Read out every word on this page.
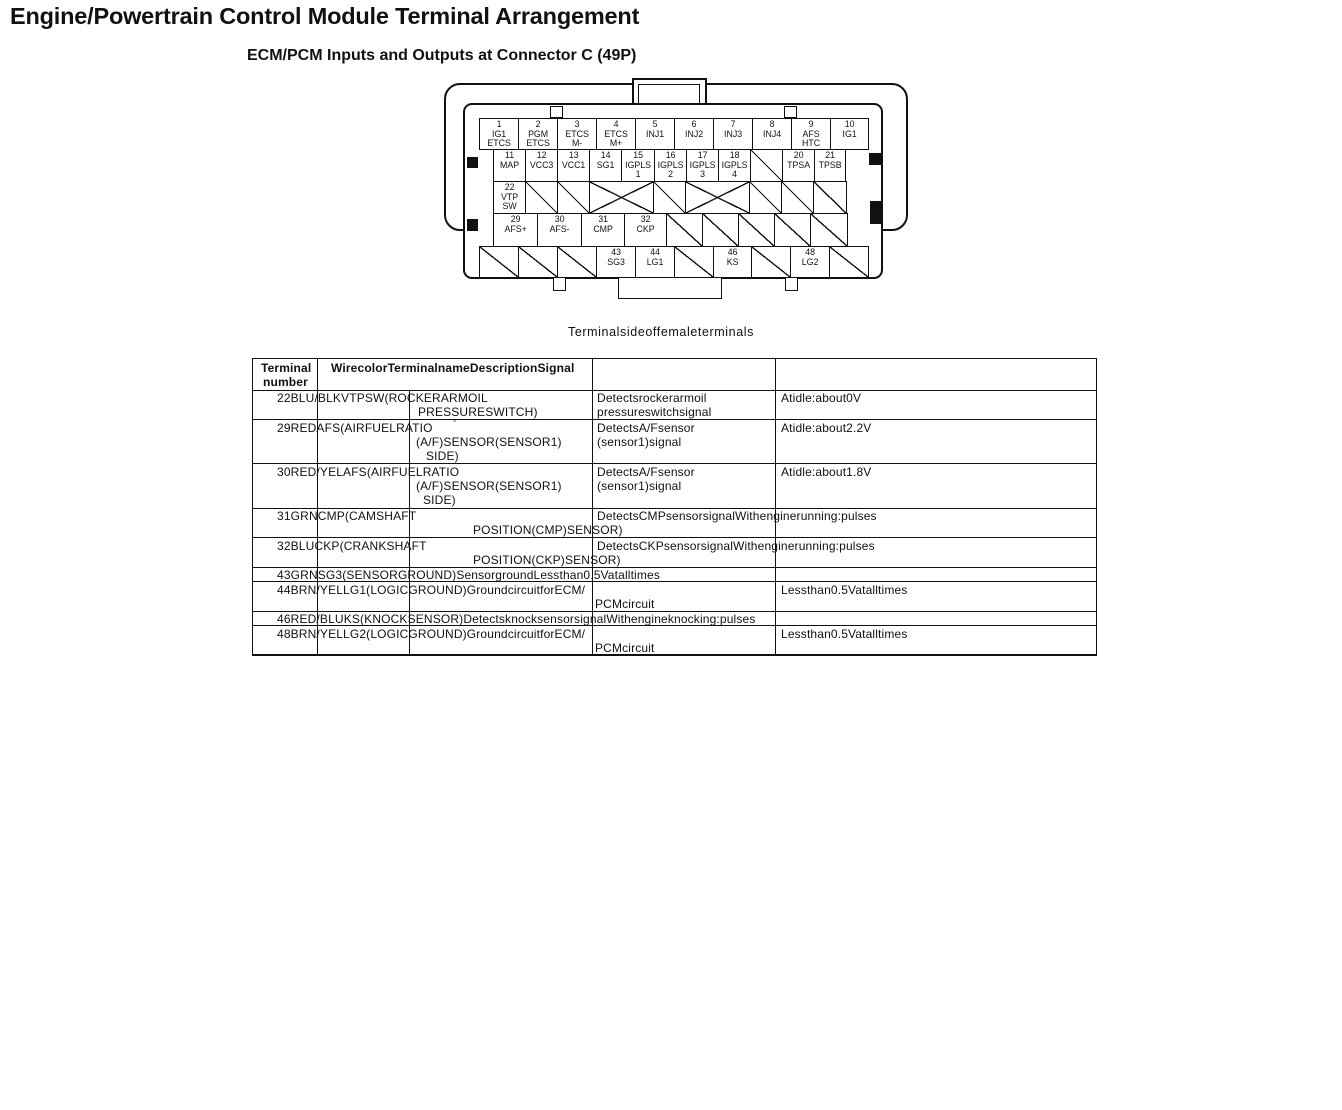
Engine/Powertrain Control Module Terminal Arrangement
ECM/PCM Inputs and Outputs at Connector C (49P)
1
IG1
ETCS
2
PGM
ETCS
3
ETCS
M-
4
ETCS
M+
5
INJ1
6
INJ2
7
INJ3
8
INJ4
9
AFS
HTC
10
IG1
11
MAP
12
VCC3
13
VCC1
14
SG1
15
IGPLS
1
16
IGPLS
2
17
IGPLS
3
18
IGPLS
4
20
TPSA
21
TPSB
22
VTP
SW
29
AFS+
30
AFS-
31
CMP
32
CKP
43
SG3
44
LG1
46
KS
48
LG2
Terminalsideoffemaleterminals
Terminal
number
WirecolorTerminalnameDescriptionSignal
22BLU/BLKVTPSW(ROCKERARMOIL
PRESSURESWITCH)
Detectsrockerarmoil
pressureswitchsignal
Atidle:about0V
29REDAFS(AIRFUELRATIO ´
(A/F)SENSOR(SENSOR1)
SIDE)
DetectsA/Fsensor
(sensor1)signal
Atidle:about2.2V
30RED/YELAFS(AIRFUELRATIO
(A/F)SENSOR(SENSOR1)
SIDE)
DetectsA/Fsensor
(sensor1)signal
Atidle:about1.8V
31GRNCMP(CAMSHAFT
POSITION(CMP)SENSOR)
DetectsCMPsensorsignalWithenginerunning:pulses
32BLUCKP(CRANKSHAFT
POSITION(CKP)SENSOR)
DetectsCKPsensorsignalWithenginerunning:pulses
43GRNSG3(SENSORGROUND)SensorgroundLessthan0.5Vatalltimes
44BRN/YELLG1(LOGICGROUND)GroundcircuitforECM/
PCMcircuit
Lessthan0.5Vatalltimes
46RED/BLUKS(KNOCKSENSOR)DetectsknocksensorsignalWithengineknocking:pulses
48BRN/YELLG2(LOGICGROUND)GroundcircuitforECM/
PCMcircuit
Lessthan0.5Vatalltimes
